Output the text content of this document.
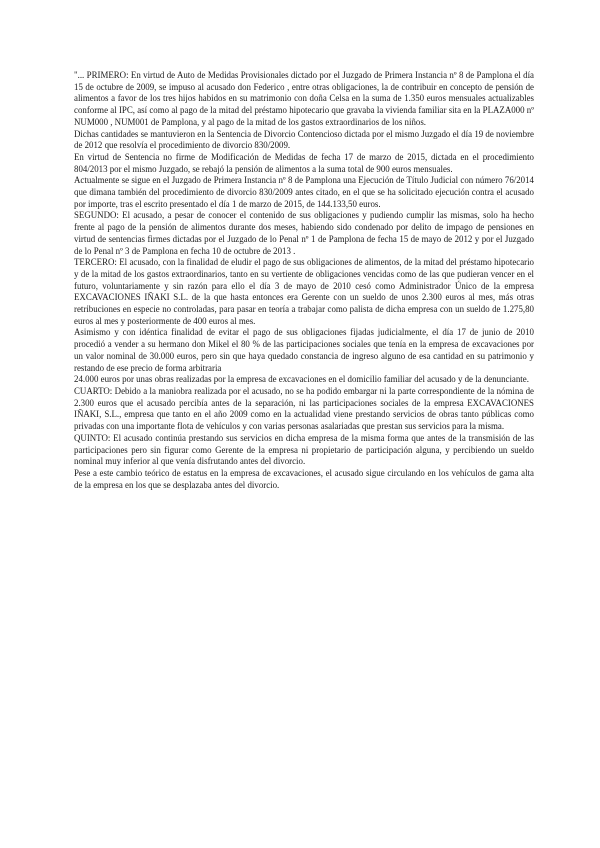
"... PRIMERO: En virtud de Auto de Medidas Provisionales dictado por el Juzgado de Primera Instancia nº 8 de Pamplona el día 15 de octubre de 2009, se impuso al acusado don Federico , entre otras obligaciones, la de contribuir en concepto de pensión de alimentos a favor de los tres hijos habidos en su matrimonio con doña Celsa en la suma de 1.350 euros mensuales actualizables conforme al IPC, así como al pago de la mitad del préstamo hipotecario que gravaba la vivienda familiar sita en la PLAZA000 nº NUM000 , NUM001 de Pamplona, y al pago de la mitad de los gastos extraordinarios de los niños.

Dichas cantidades se mantuvieron en la Sentencia de Divorcio Contencioso dictada por el mismo Juzgado el día 19 de noviembre de 2012 que resolvía el procedimiento de divorcio 830/2009.

En virtud de Sentencia no firme de Modificación de Medidas de fecha 17 de marzo de 2015, dictada en el procedimiento 804/2013 por el mismo Juzgado, se rebajó la pensión de alimentos a la suma total de 900 euros mensuales.

Actualmente se sigue en el Juzgado de Primera Instancia nº 8 de Pamplona una Ejecución de Título Judicial con número 76/2014 que dimana también del procedimiento de divorcio 830/2009 antes citado, en el que se ha solicitado ejecución contra el acusado por importe, tras el escrito presentado el día 1 de marzo de 2015, de 144.133,50 euros.

SEGUNDO: El acusado, a pesar de conocer el contenido de sus obligaciones y pudiendo cumplir las mismas, solo ha hecho frente al pago de la pensión de alimentos durante dos meses, habiendo sido condenado por delito de impago de pensiones en virtud de sentencias firmes dictadas por el Juzgado de lo Penal nº 1 de Pamplona de fecha 15 de mayo de 2012 y por el Juzgado de lo Penal nº 3 de Pamplona en fecha 10 de octubre de 2013 .

TERCERO: El acusado, con la finalidad de eludir el pago de sus obligaciones de alimentos, de la mitad del préstamo hipotecario y de la mitad de los gastos extraordinarios, tanto en su vertiente de obligaciones vencidas como de las que pudieran vencer en el futuro, voluntariamente y sin razón para ello el día 3 de mayo de 2010 cesó como Administrador Único de la empresa EXCAVACIONES IÑAKI S.L. de la que hasta entonces era Gerente con un sueldo de unos 2.300 euros al mes, más otras retribuciones en especie no controladas, para pasar en teoría a trabajar como palista de dicha empresa con un sueldo de 1.275,80 euros al mes y posteriormente de 400 euros al mes.

Asimismo y con idéntica finalidad de evitar el pago de sus obligaciones fijadas judicialmente, el día 17 de junio de 2010 procedió a vender a su hermano don Mikel el 80 % de las participaciones sociales que tenía en la empresa de excavaciones por un valor nominal de 30.000 euros, pero sin que haya quedado constancia de ingreso alguno de esa cantidad en su patrimonio y restando de ese precio de forma arbitraria

24.000 euros por unas obras realizadas por la empresa de excavaciones en el domicilio familiar del acusado y de la denunciante.

CUARTO: Debido a la maniobra realizada por el acusado, no se ha podido embargar ni la parte correspondiente de la nómina de 2.300 euros que el acusado percibía antes de la separación, ni las participaciones sociales de la empresa EXCAVACIONES IÑAKI, S.L., empresa que tanto en el año 2009 como en la actualidad viene prestando servicios de obras tanto públicas como privadas con una importante flota de vehículos y con varias personas asalariadas que prestan sus servicios para la misma.

QUINTO: El acusado continúa prestando sus servicios en dicha empresa de la misma forma que antes de la transmisión de las participaciones pero sin figurar como Gerente de la empresa ni propietario de participación alguna, y percibiendo un sueldo nominal muy inferior al que venía disfrutando antes del divorcio.

Pese a este cambio teórico de estatus en la empresa de excavaciones, el acusado sigue circulando en los vehículos de gama alta de la empresa en los que se desplazaba antes del divorcio.
